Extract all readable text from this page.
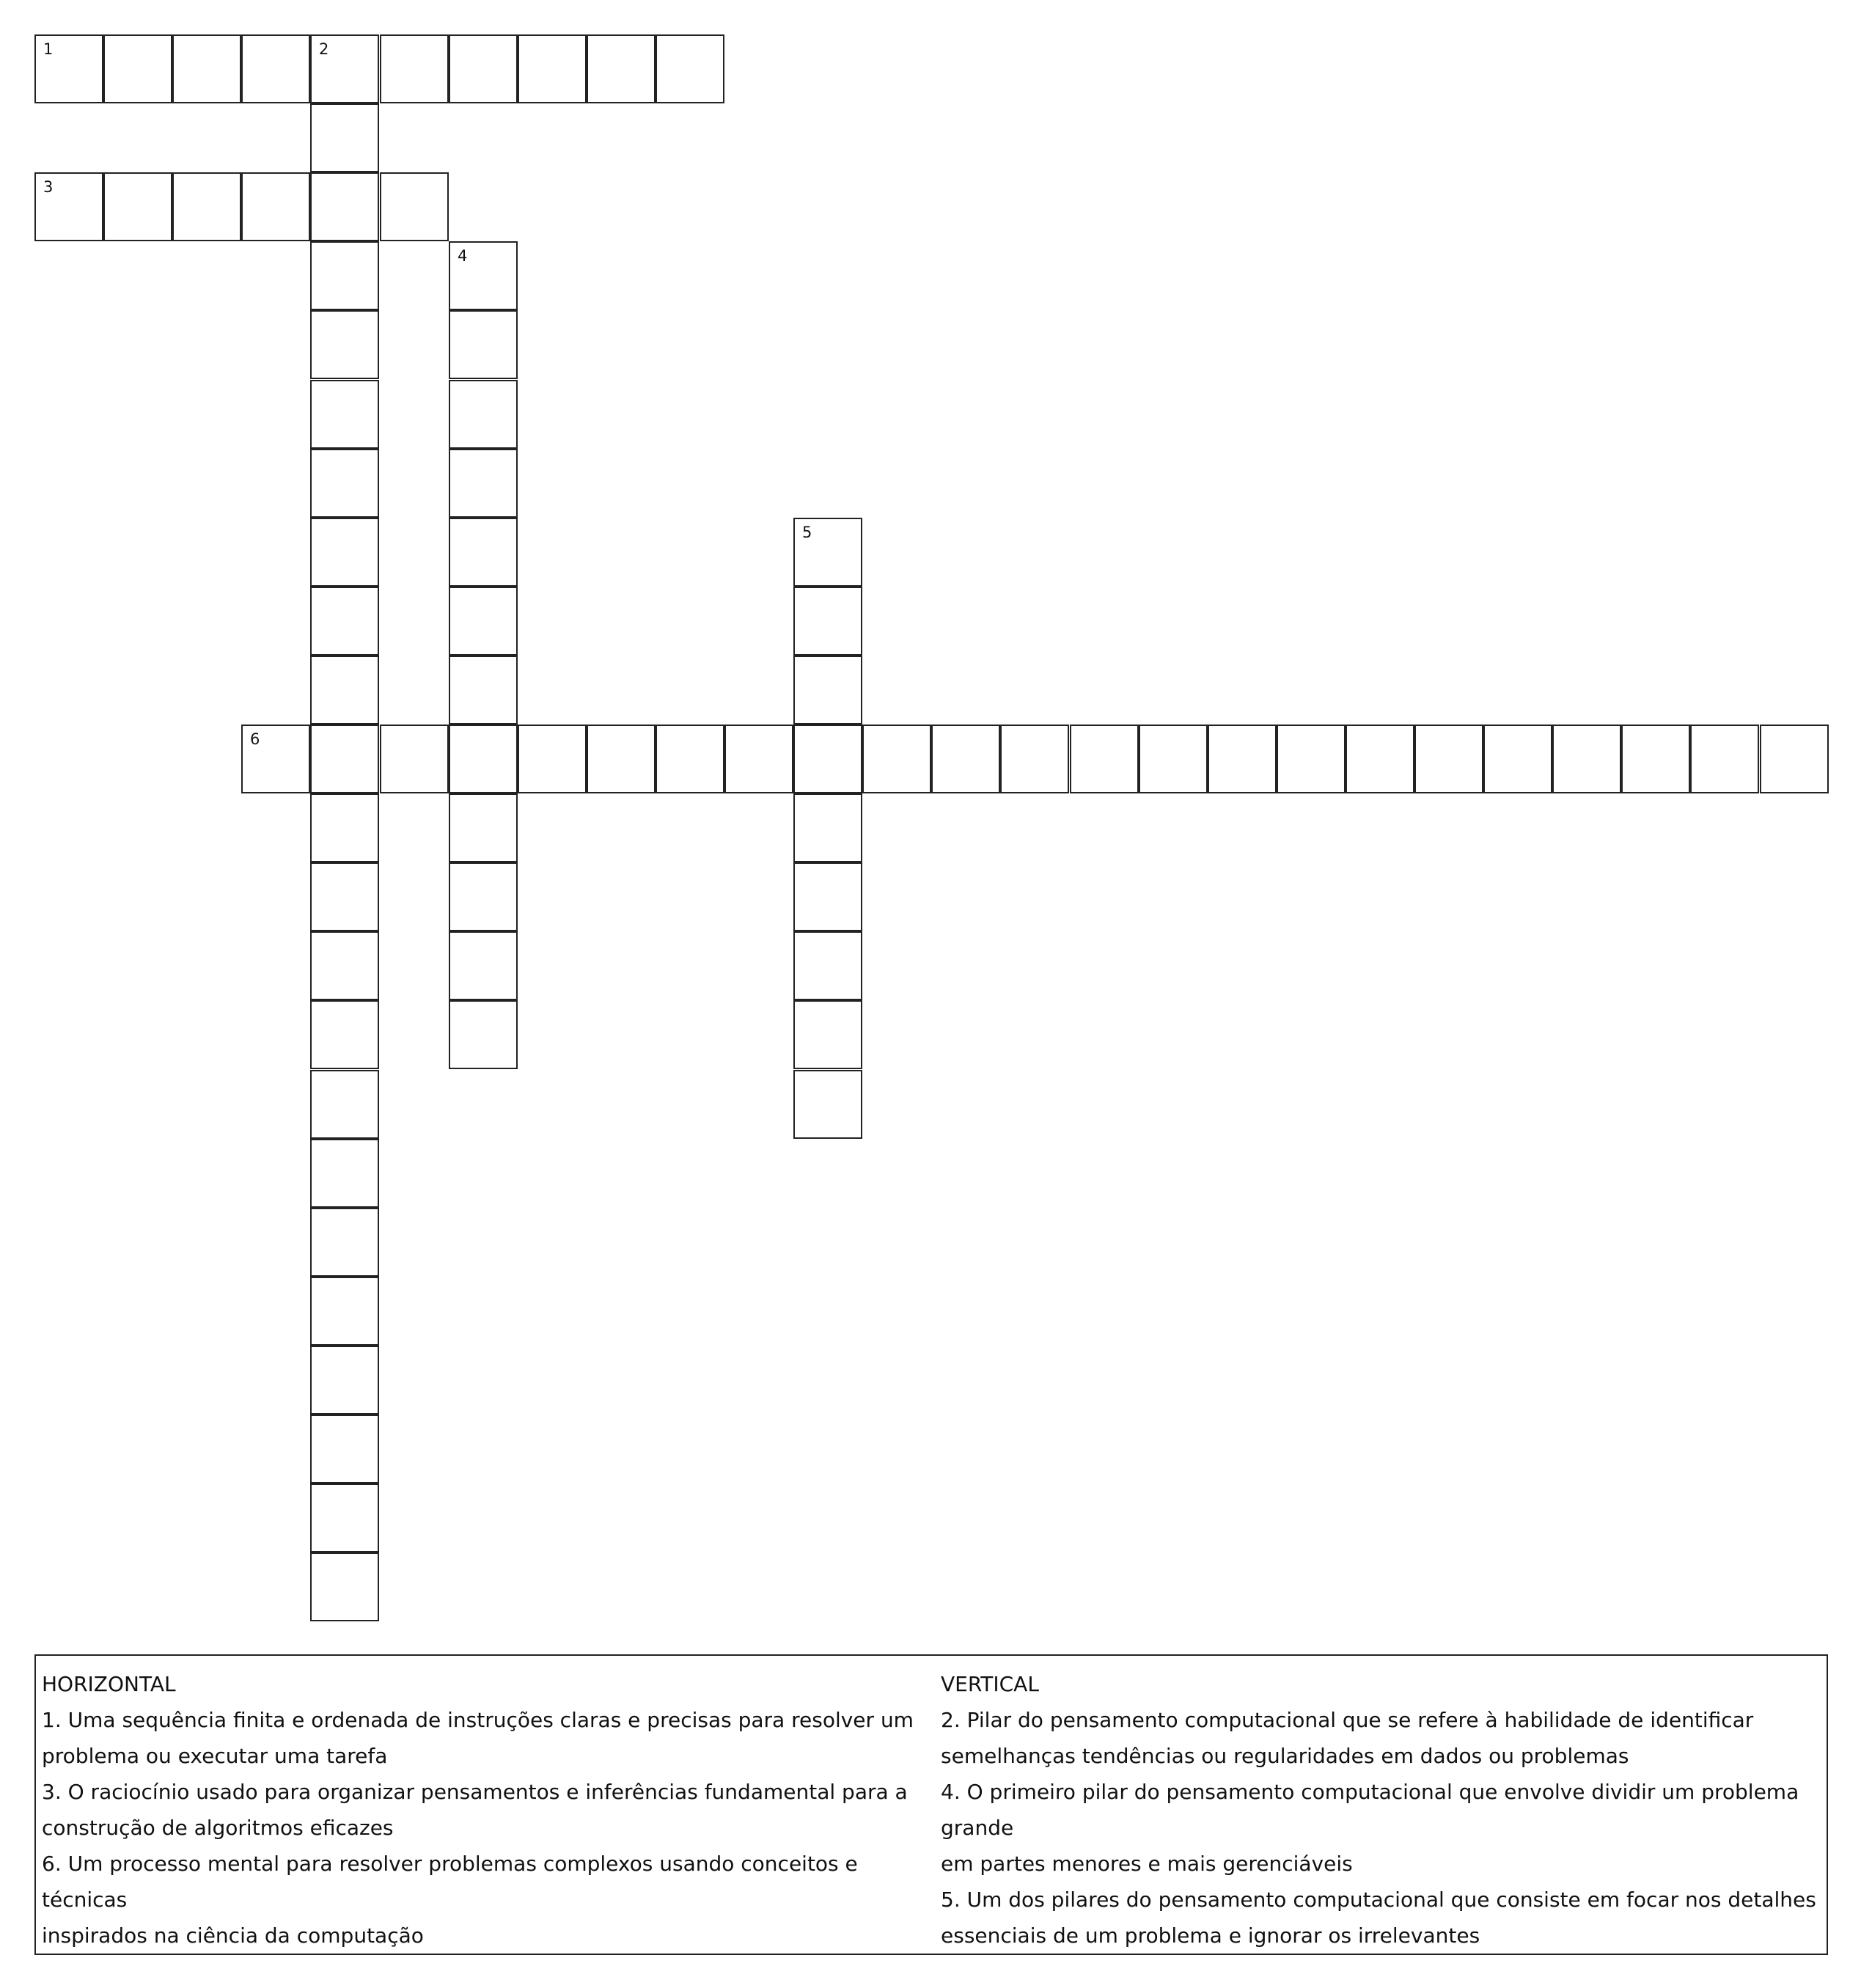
1	2
3
4
5
6
HORIZONTAL
1. Uma sequência finita e ordenada de instruções claras e precisas para resolver um
problema ou executar uma tarefa
3. O raciocínio usado para organizar pensamentos e inferências fundamental para a
construção de algoritmos eficazes
6. Um processo mental para resolver problemas complexos usando conceitos e técnicas
inspirados na ciência da computação
VERTICAL
2. Pilar do pensamento computacional que se refere à habilidade de identificar
semelhanças tendências ou regularidades em dados ou problemas
4. O primeiro pilar do pensamento computacional que envolve dividir um problema grande
em partes menores e mais gerenciáveis
5. Um dos pilares do pensamento computacional que consiste em focar nos detalhes
essenciais de um problema e ignorar os irrelevantes
